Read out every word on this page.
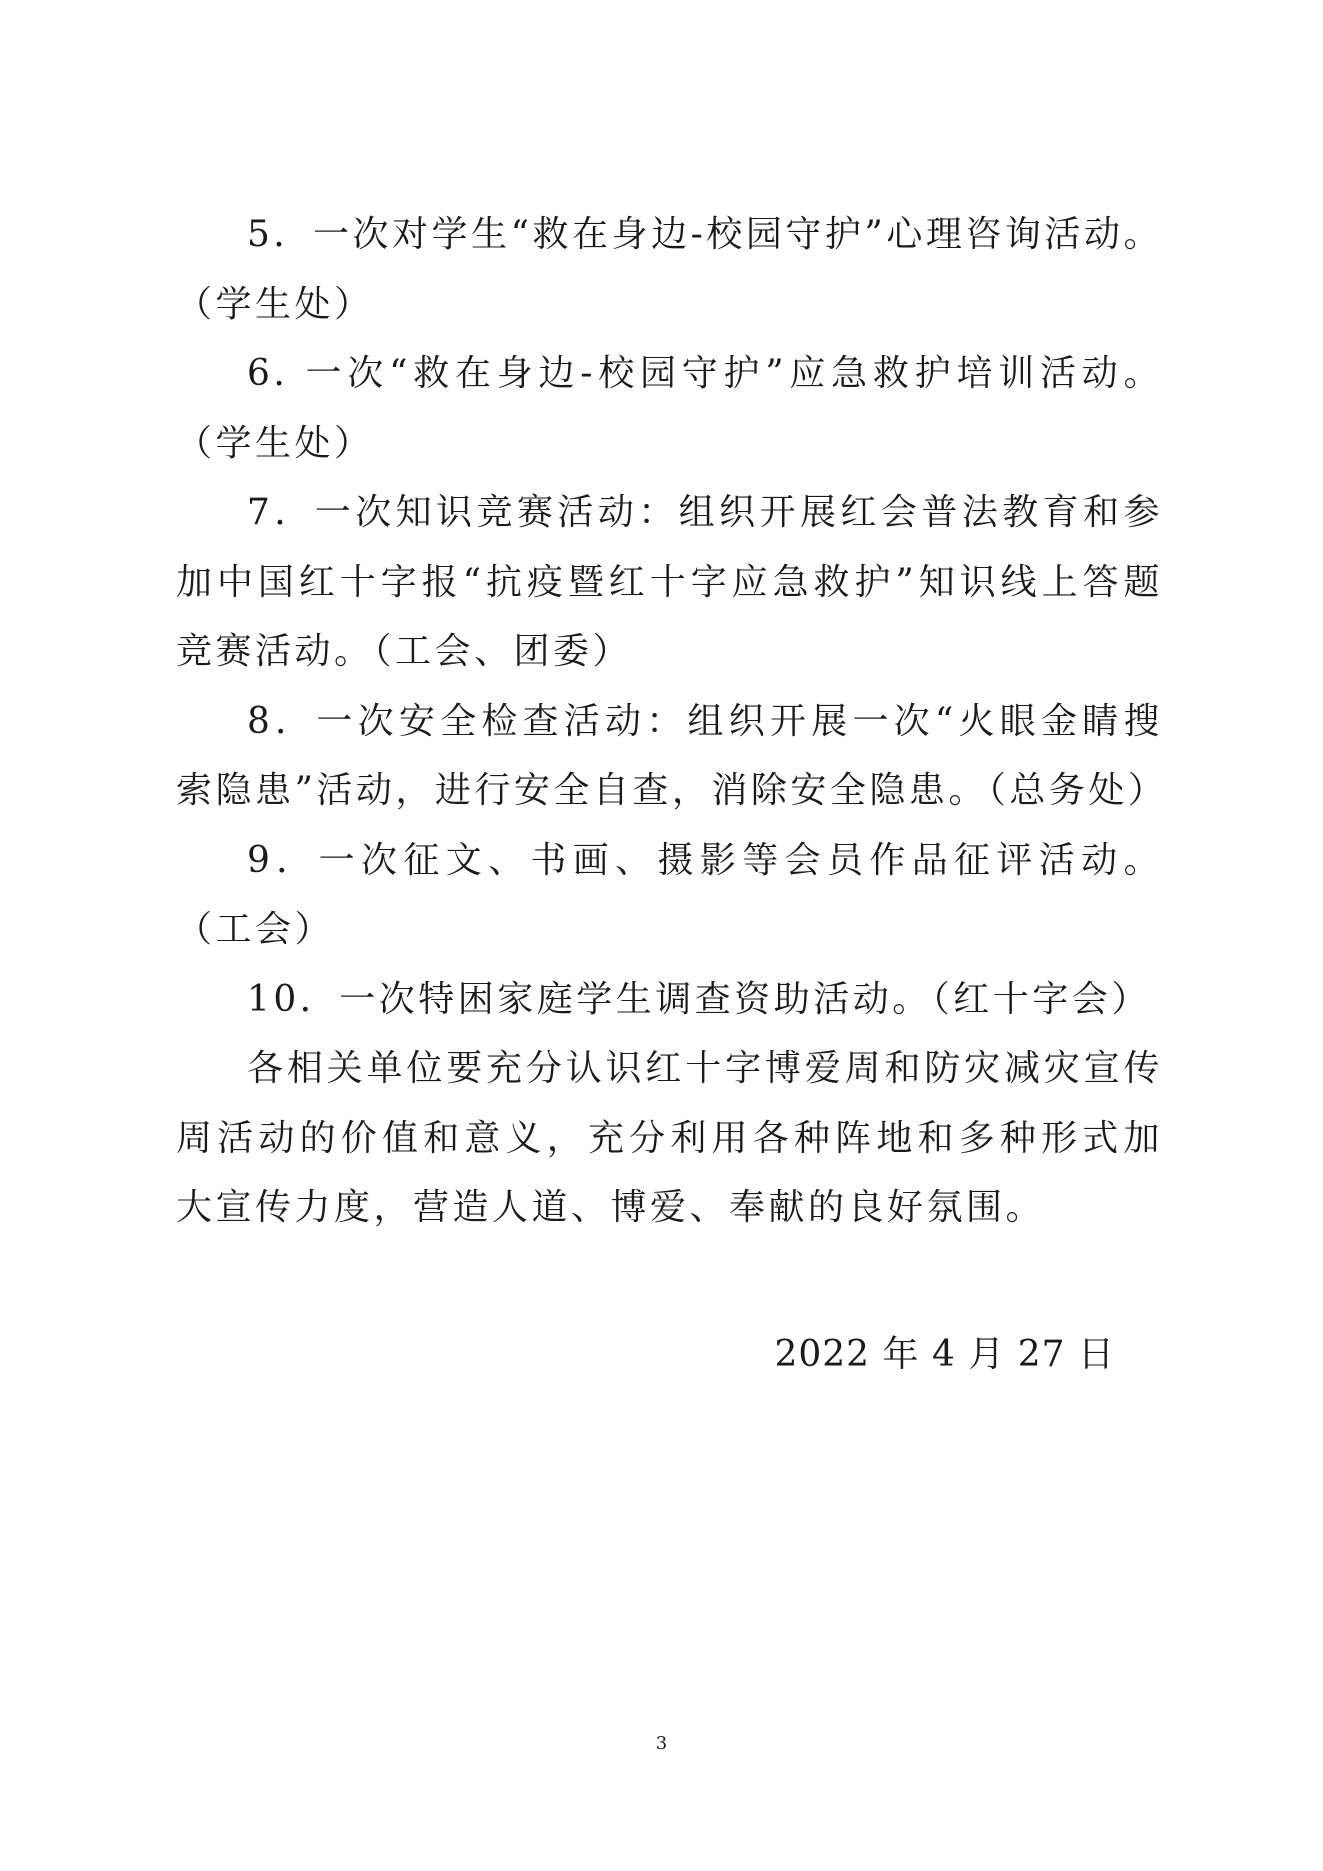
5．一次对学生“救在身边-校园守护”心理咨询活动。（学生处）

6. 一次“救在身边-校园守护”应急救护培训活动。（学生处）

7．一次知识竞赛活动：组织开展红会普法教育和参加中国红十字报“抗疫暨红十字应急救护”知识线上答题竞赛活动。（工会、团委）

8．一次安全检查活动：组织开展一次“火眼金睛搜索隐患”活动，进行安全自查，消除安全隐患。（总务处）

9．一次征文、书画、摄影等会员作品征评活动。（工会）

10．一次特困家庭学生调查资助活动。（红十字会）

各相关单位要充分认识红十字博爱周和防灾减灾宣传周活动的价值和意义，充分利用各种阵地和多种形式加大宣传力度，营造人道、博爱、奉献的良好氛围。

2022 年 4 月 27 日
3
